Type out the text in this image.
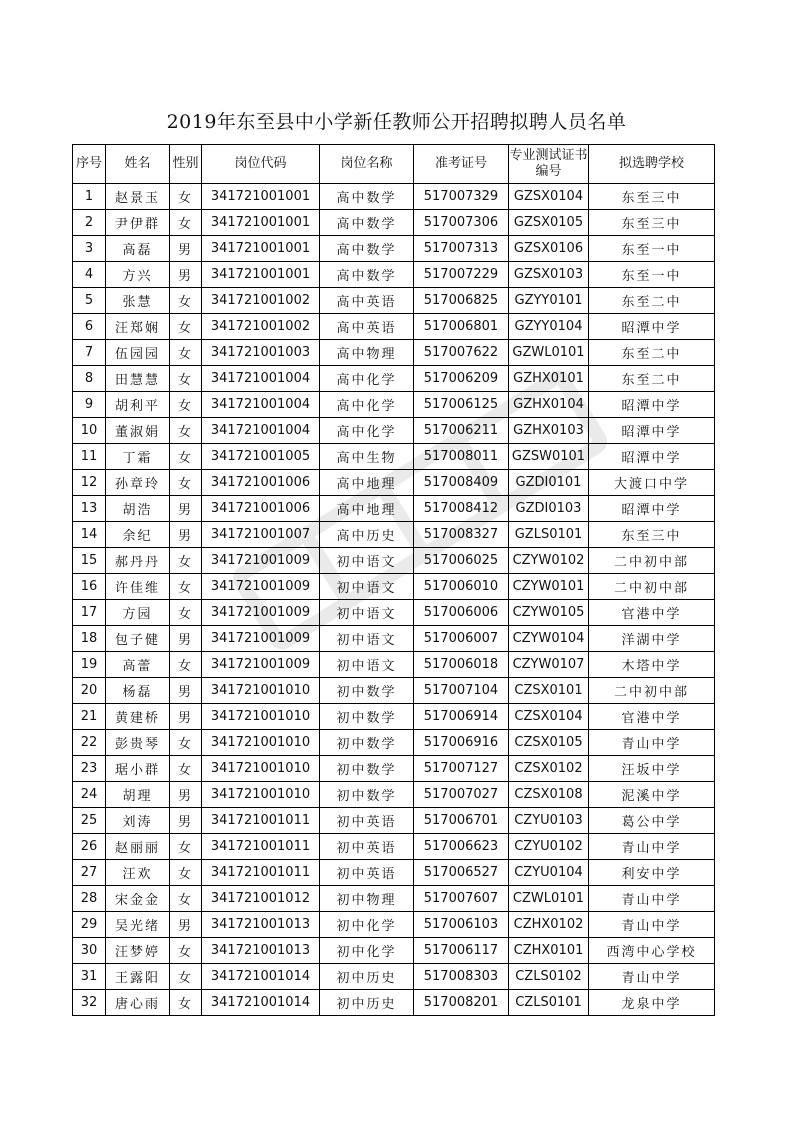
2019年东至县中小学新任教师公开招聘拟聘人员名单
序号	姓名	性别	岗位代码	岗位名称	准考证号	专业测试证书编号	拟选聘学校
1	赵景玉	女	341721001001	高中数学	517007329	GZSX0104	东至三中
2	尹伊群	女	341721001001	高中数学	517007306	GZSX0105	东至三中
3	高磊	男	341721001001	高中数学	517007313	GZSX0106	东至一中
4	方兴	男	341721001001	高中数学	517007229	GZSX0103	东至一中
5	张慧	女	341721001002	高中英语	517006825	GZYY0101	东至二中
6	汪郑娴	女	341721001002	高中英语	517006801	GZYY0104	昭潭中学
7	伍园园	女	341721001003	高中物理	517007622	GZWL0101	东至二中
8	田慧慧	女	341721001004	高中化学	517006209	GZHX0101	东至二中
9	胡利平	女	341721001004	高中化学	517006125	GZHX0104	昭潭中学
10	董淑娟	女	341721001004	高中化学	517006211	GZHX0103	昭潭中学
11	丁霜	女	341721001005	高中生物	517008011	GZSW0101	昭潭中学
12	孙章玲	女	341721001006	高中地理	517008409	GZDI0101	大渡口中学
13	胡浩	男	341721001006	高中地理	517008412	GZDI0103	昭潭中学
14	余纪	男	341721001007	高中历史	517008327	GZLS0101	东至三中
15	郝丹丹	女	341721001009	初中语文	517006025	CZYW0102	二中初中部
16	许佳维	女	341721001009	初中语文	517006010	CZYW0101	二中初中部
17	方园	女	341721001009	初中语文	517006006	CZYW0105	官港中学
18	包子健	男	341721001009	初中语文	517006007	CZYW0104	洋湖中学
19	高蕾	女	341721001009	初中语文	517006018	CZYW0107	木塔中学
20	杨磊	男	341721001010	初中数学	517007104	CZSX0101	二中初中部
21	黄建桥	男	341721001010	初中数学	517006914	CZSX0104	官港中学
22	彭贵琴	女	341721001010	初中数学	517006916	CZSX0105	青山中学
23	琚小群	女	341721001010	初中数学	517007127	CZSX0102	汪坂中学
24	胡理	男	341721001010	初中数学	517007027	CZSX0108	泥溪中学
25	刘涛	男	341721001011	初中英语	517006701	CZYU0103	葛公中学
26	赵丽丽	女	341721001011	初中英语	517006623	CZYU0102	青山中学
27	汪欢	女	341721001011	初中英语	517006527	CZYU0104	利安中学
28	宋金金	女	341721001012	初中物理	517007607	CZWL0101	青山中学
29	吴光绪	男	341721001013	初中化学	517006103	CZHX0102	青山中学
30	汪梦婷	女	341721001013	初中化学	517006117	CZHX0101	西湾中心学校
31	王露阳	女	341721001014	初中历史	517008303	CZLS0102	青山中学
32	唐心雨	女	341721001014	初中历史	517008201	CZLS0101	龙泉中学
